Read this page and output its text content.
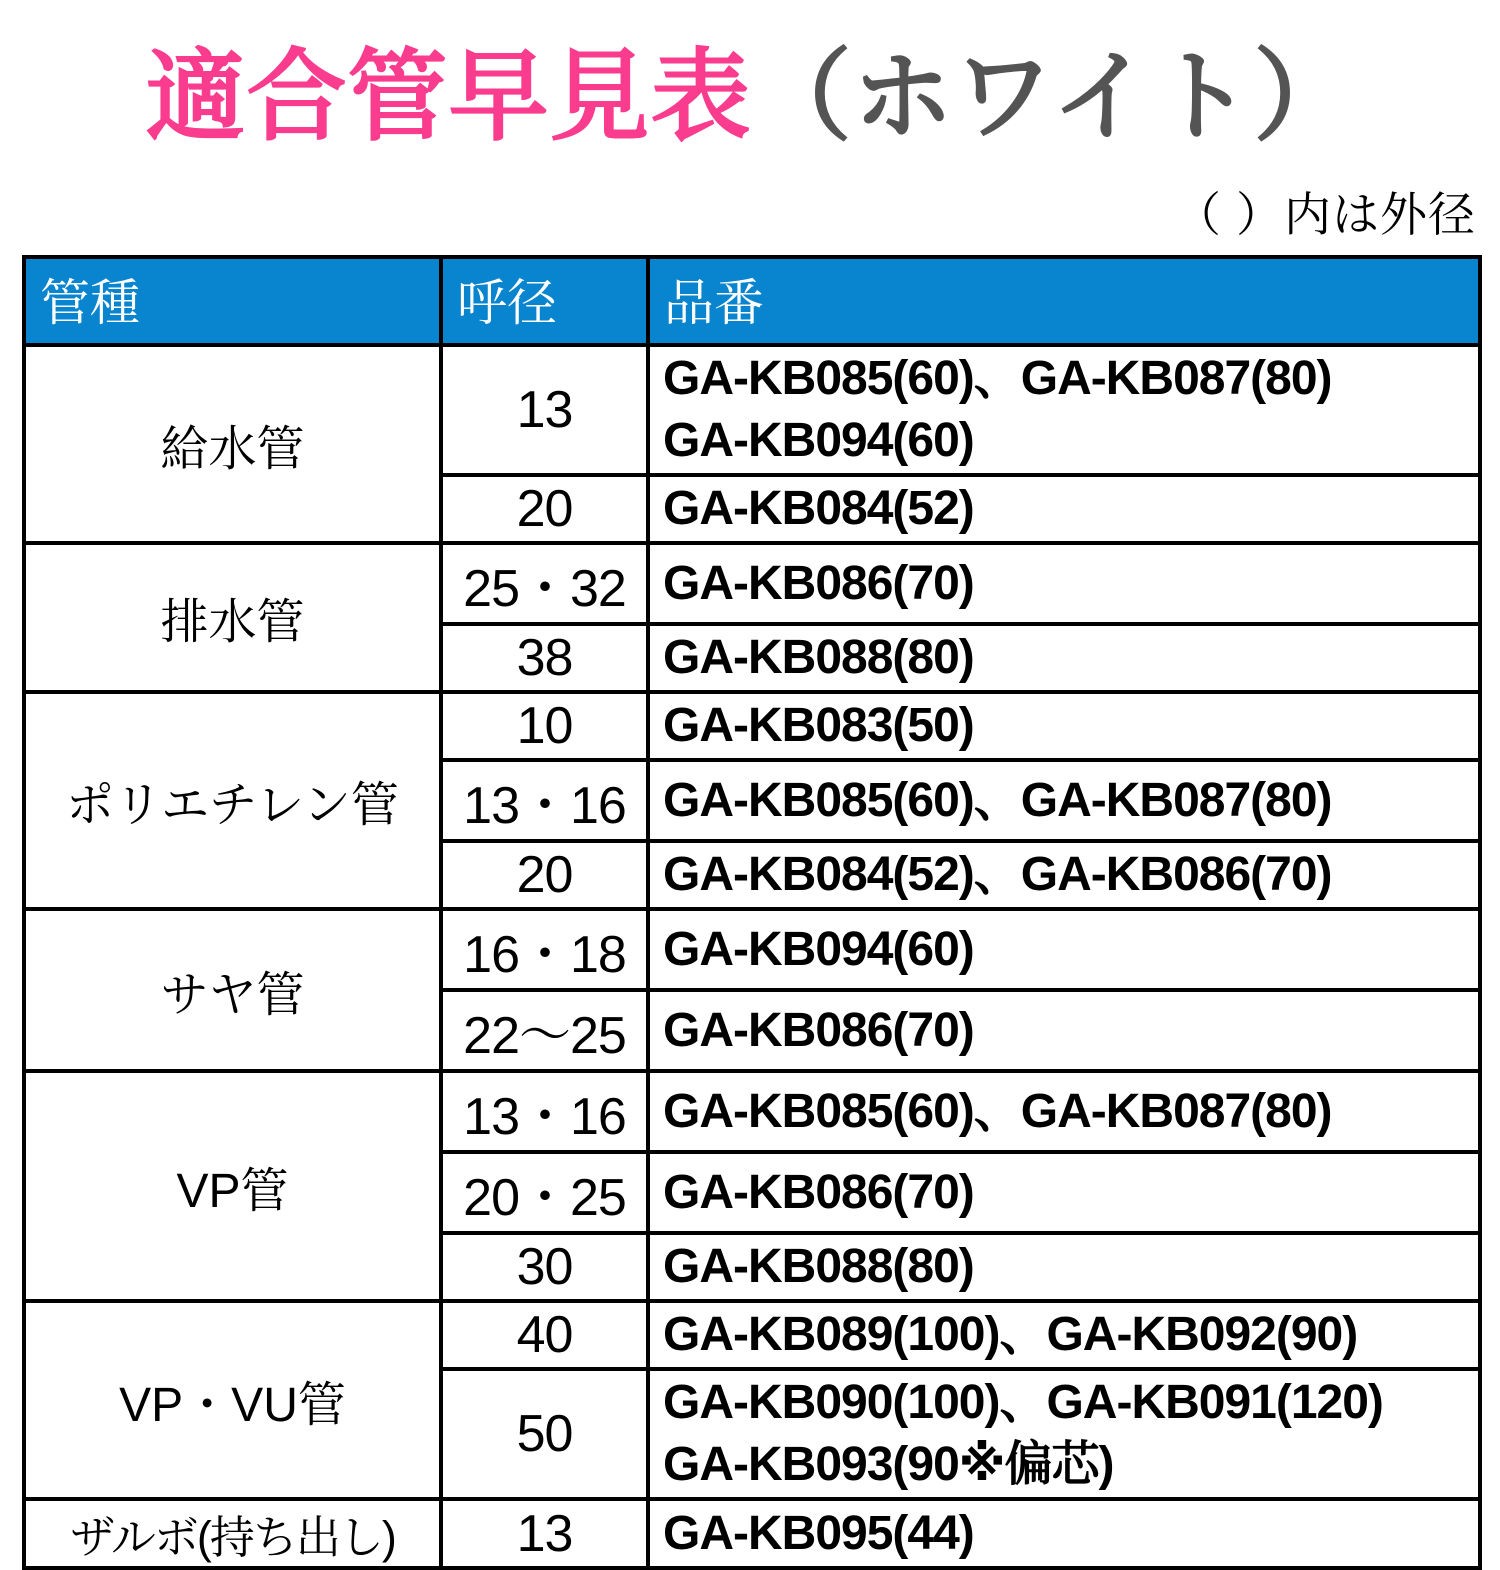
適合管早見表（ホワイト）
（ ）内は外径
管種	呼径	品番
給水管	13	GA-KB085(60)、GA-KB087(80)
GA-KB094(60)

	20	GA-KB084(52)

排水管	25・32	GA-KB086(70)

	38	GA-KB088(80)

ポリエチレン管	10	GA-KB083(50)

	13・16	GA-KB085(60)、GA-KB087(80)

	20	GA-KB084(52)、GA-KB086(70)

サヤ管	16・18	GA-KB094(60)

	22〜25	GA-KB086(70)

VP管	13・16	GA-KB085(60)、GA-KB087(80)

	20・25	GA-KB086(70)

	30	GA-KB088(80)

VP・VU管	40	GA-KB089(100)、GA-KB092(90)

	50	GA-KB090(100)、GA-KB091(120)
GA-KB093(90※偏芯)

ザルボ(持ち出し)	13	GA-KB095(44)
